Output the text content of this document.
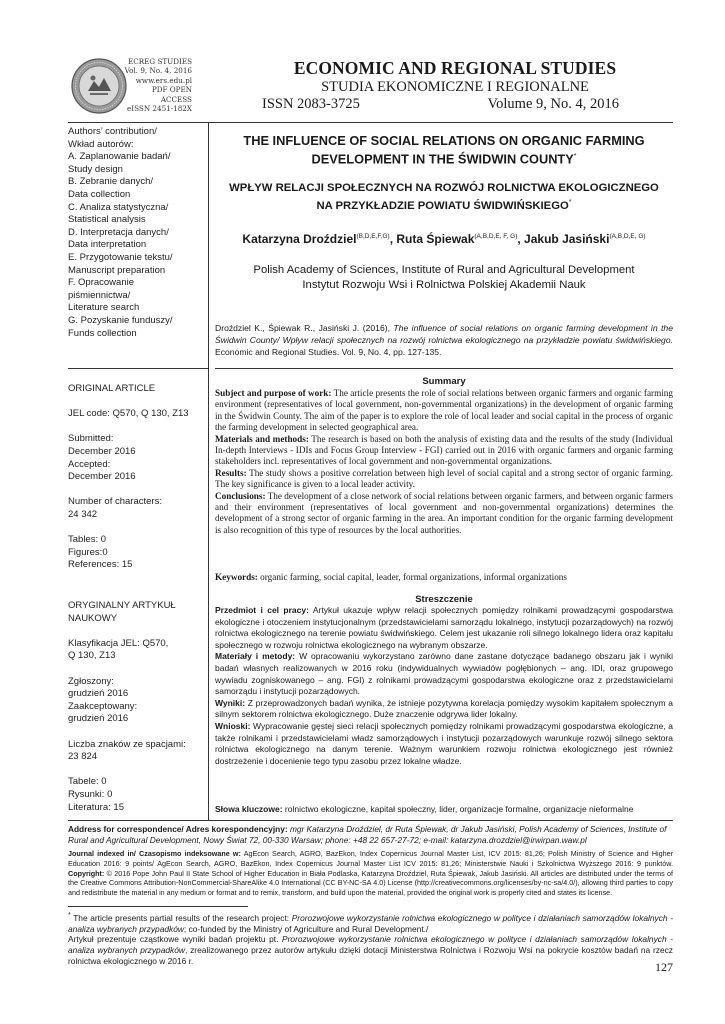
ECREG STUDIES
Vol. 9, No. 4, 2016
www.ers.edu.pl
PDF OPEN ACCESS
eISSN 2451-182X
ECONOMIC AND REGIONAL STUDIES
STUDIA EKONOMICZNE I REGIONALNE
ISSN 2083-3725	Volume 9, No. 4, 2016
Authors’ contribution/
Wkład autorów:
A. Zaplanowanie badań/
Study design
B. Zebranie danych/
Data collection
C. Analiza statystyczna/
Statistical analysis
D. Interpretacja danych/
Data interpretation
E. Przygotowanie tekstu/
Manuscript preparation
F. Opracowanie
piśmiennictwa/
Literature search
G. Pozyskanie funduszy/
Funds collection
ORIGINAL ARTICLE
JEL code: Q570, Q 130, Z13
Submitted:
December 2016
Accepted:
December 2016
Number of characters:
24 342
Tables: 0
Figures:0
References: 15
ORYGINALNY ARTYKUŁ
NAUKOWY
Klasyfikacja JEL: Q570,
Q 130, Z13
Zgłoszony:
grudzień 2016
Zaakceptowany:
grudzień 2016
Liczba znaków ze spacjami:
23 824
Tabele: 0
Rysunki: 0
Literatura: 15
THE INFLUENCE OF SOCIAL RELATIONS ON ORGANIC FARMING
DEVELOPMENT IN THE ŚWIDWIN COUNTY*
WPŁYW RELACJI SPOŁECZNYCH NA ROZWÓJ ROLNICTWA EKOLOGICZNEGO
NA PRZYKŁADZIE POWIATU ŚWIDWIŃSKIEGO*
Katarzyna Droździel$^{(B,D,E,F,G)}$, Ruta Śpiewak$^{(A,B,D,E, F, G)}$, Jakub Jasiński$^{(A,B,D,E, G)}$
Polish Academy of Sciences, Institute of Rural and Agricultural Development
Instytut Rozwoju Wsi i Rolnictwa Polskiej Akademii Nauk
Droździel K., Śpiewak R., Jasiński J. (2016), The influence of social relations on organic farming development in the Świdwin County/ Wpływ relacji społecznych na rozwój rolnictwa ekologicznego na przykładzie powiatu świdwińskiego. Economic and Regional Studies. Vol. 9, No. 4, pp. 127-135.
Summary
Subject and purpose of work: The article presents the role of social relations between organic farmers and organic farming environment (representatives of local government, non-governmental organizations) in the development of organic farming in the Świdwin County. The aim of the paper is to explore the role of local leader and social capital in the process of organic the farming development in selected geographical area.
Materials and methods: The research is based on both the analysis of existing data and the results of the study (Individual In-depth Interviews - IDIs and Focus Group Interview - FGI) carried out in 2016 with organic farmers and organic farming stakeholders incl. representatives of local government and non-governmental organizations.
Results: The study shows a positive correlation between high level of social capital and a strong sector of organic farming. The key significance is given to a local leader activity.
Conclusions: The development of a close network of social relations between organic farmers, and between organic farmers and their environment (representatives of local government and non-governmental organizations) determines the development of a strong sector of organic farming in the area. An important condition for the organic farming development is also recognition of this type of resources by the local authorities.
Keywords: organic farming, social capital, leader, formal organizations, informal organizations
Streszczenie
Przedmiot i cel pracy: Artykuł ukazuje wpływ relacji społecznych pomiędzy rolnikami prowadzącymi gospodarstwa ekologiczne i otoczeniem instytucjonalnym (przedstawicielami samorządu lokalnego, instytucji pozarządowych) na rozwój rolnictwa ekologicznego na terenie powiatu świdwińskiego. Celem jest ukazanie roli silnego lokalnego lidera oraz kapitału społecznego w rozwoju rolnictwa ekologicznego na wybranym obszarze.
Materiały i metody: W opracowaniu wykorzystano zarówno dane zastane dotyczące badanego obszaru jak i wyniki badań własnych realizowanych w 2016 roku (indywidualnych wywiadów pogłębionych – ang. IDI, oraz grupowego wywiadu zogniskowanego – ang. FGI) z rolnikami prowadzącymi gospodarstwa ekologiczne oraz z przedstawicielami samorządu i instytucji pozarządowych.
Wyniki: Z przeprowadzonych badań wynika, że istnieje pozytywna korelacja pomiędzy wysokim kapitałem społecznym a silnym sektorem rolnictwa ekologicznego. Duże znaczenie odgrywa lider lokalny.
Wnioski: Wypracowanie gęstej sieci relacji społecznych pomiędzy rolnikami prowadzącymi gospodarstwa ekologiczne, a także rolnikami i przedstawicielami władz samorządowych i instytucji pozarządowych warunkuje rozwój silnego sektora rolnictwa ekologicznego na danym terenie. Ważnym warunkiem rozwoju rolnictwa ekologicznego jest również dostrzeżenie i docenienie tego typu zasobu przez lokalne władze.
Słowa kluczowe: rolnictwo ekologiczne, kapitał społeczny, lider, organizacje formalne, organizacje nieformalne
Address for correspondence/ Adres korespondencyjny: mgr Katarzyna Droździel, dr Ruta Śpiewak, dr Jakub Jasiński, Polish Academy of Sciences, Institute of Rural and Agricultural Development, Nowy Świat 72, 00-330 Warsaw; phone: +48 22 657-27-72; e-mail: katarzyna.drozdziel@irwirpan.waw.pl
Journal indexed in/ Czasopismo indeksowane w: AgEcon Search, AGRO, BazEkon, Index Copernicus Journal Master List, ICV 2015: 81,26; Polish Ministry of Science and Higher Education 2016: 9 points/ AgEcon Search, AGRO, BazEkon, Index Copernicus Journal Master List ICV 2015: 81,26; Ministerstwie Nauki i Szkolnictwa Wyższego 2016: 9 punktów. Copyright: © 2016 Pope John Paul II State School of Higher Education in Biała Podlaska, Katarzyna Droździel, Ruta Śpiewak, Jakub Jasiński. All articles are distributed under the terms of the Creative Commons Attribution-NonCommercial-ShareAlike 4.0 International (CC BY-NC-SA 4.0) License (http://creativecommons.org/licenses/by-nc-sa/4.0/), allowing third parties to copy and redistribute the material in any medium or format and to remix, transform, and build upon the material, provided the original work is properly cited and states its license.
* The article presents partial results of the research project: Prorozwojowe wykorzystanie rolnictwa ekologicznego w polityce i działaniach samorządów lokalnych - analiza wybranych przypadków; co-funded by the Ministry of Agriculture and Rural Development./
Artykuł prezentuje cząstkowe wyniki badań projektu pt. Prorozwojowe wykorzystanie rolnictwa ekologicznego w polityce i działaniach samorządów lokalnych - analiza wybranych przypadków, zrealizowanego przez autorów artykułu dzięki dotacji Ministerstwa Rolnictwa i Rozwoju Wsi na pokrycie kosztów badań na rzecz rolnictwa ekologicznego w 2016 r.	127
